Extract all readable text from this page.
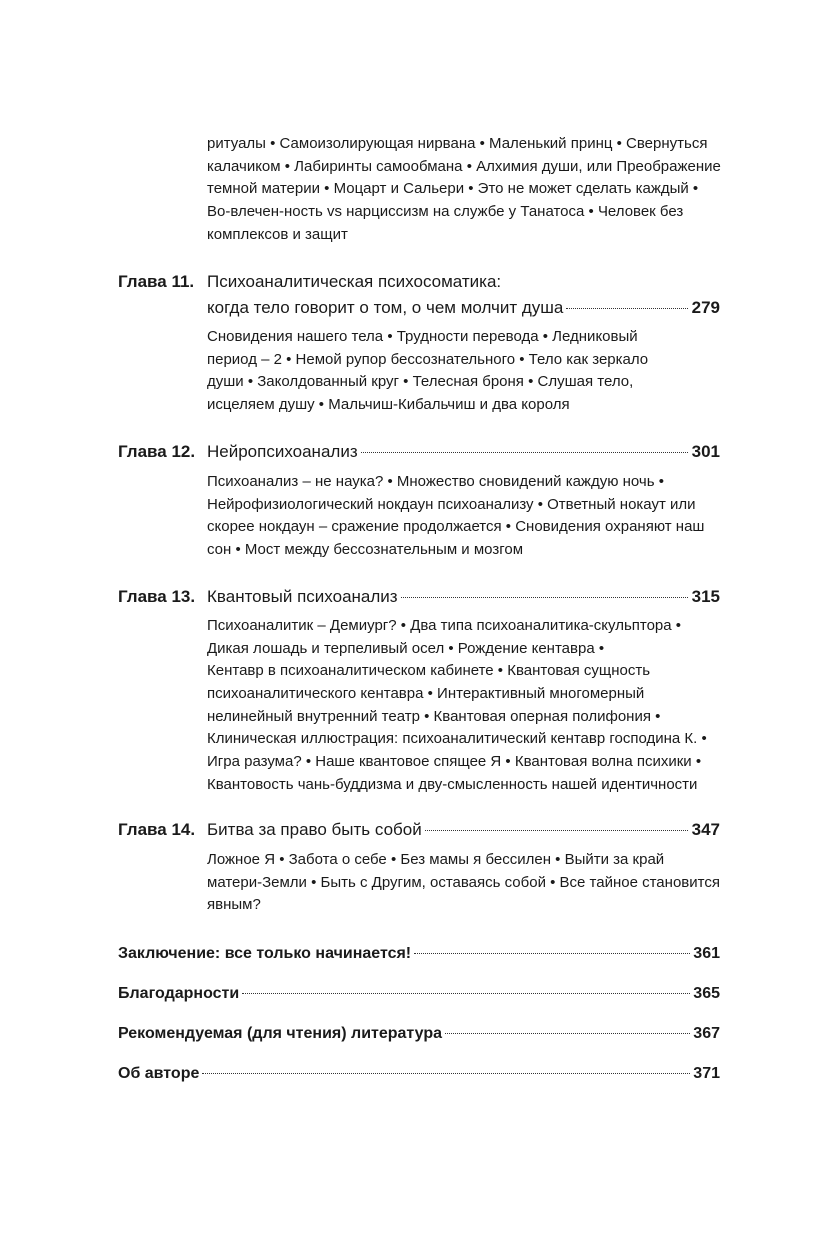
ритуалы • Самоизолирующая нирвана • Маленький принц • Свернуться
калачиком • Лабиринты самообмана • Алхимия души, или Преображение
темной материи • Моцарт и Сальери • Это не может сделать каждый •
Во-влечен-ность vs нарциссизм на службе у Танатоса • Человек без
комплексов и защит
Глава 11. Психоаналитическая психосоматика:
когда тело говорит о том, о чем молчит душа	279
Сновидения нашего тела • Трудности перевода • Ледниковый
период – 2 • Немой рупор бессознательного • Тело как зеркало
души • Заколдованный круг • Телесная броня • Слушая тело,
исцеляем душу • Мальчиш-Кибальчиш и два короля
Глава 12. Нейропсихоанализ	301
Психоанализ – не наука? • Множество сновидений каждую ночь •
Нейрофизиологический нокдаун психоанализу • Ответный нокаут или
скорее нокдаун – сражение продолжается • Сновидения охраняют наш
сон • Мост между бессознательным и мозгом
Глава 13. Квантовый психоанализ	315
Психоаналитик – Демиург? • Два типа психоаналитика-скульптора •
Дикая лошадь и терпеливый осел • Рождение кентавра •
Кентавр в психоаналитическом кабинете • Квантовая сущность
психоаналитического кентавра • Интерактивный многомерный
нелинейный внутренний театр • Квантовая оперная полифония •
Клиническая иллюстрация: психоаналитический кентавр господина К. •
Игра разума? • Наше квантовое спящее Я • Квантовая волна психики •
Квантовость чань-буддизма и дву-смысленность нашей идентичности
Глава 14. Битва за право быть собой	347
Ложное Я • Забота о себе • Без мамы я бессилен • Выйти за край
матери-Земли • Быть с Другим, оставаясь собой • Все тайное становится
явным?
Заключение: все только начинается!	361
Благодарности	365
Рекомендуемая (для чтения) литература	367
Об авторе	371
